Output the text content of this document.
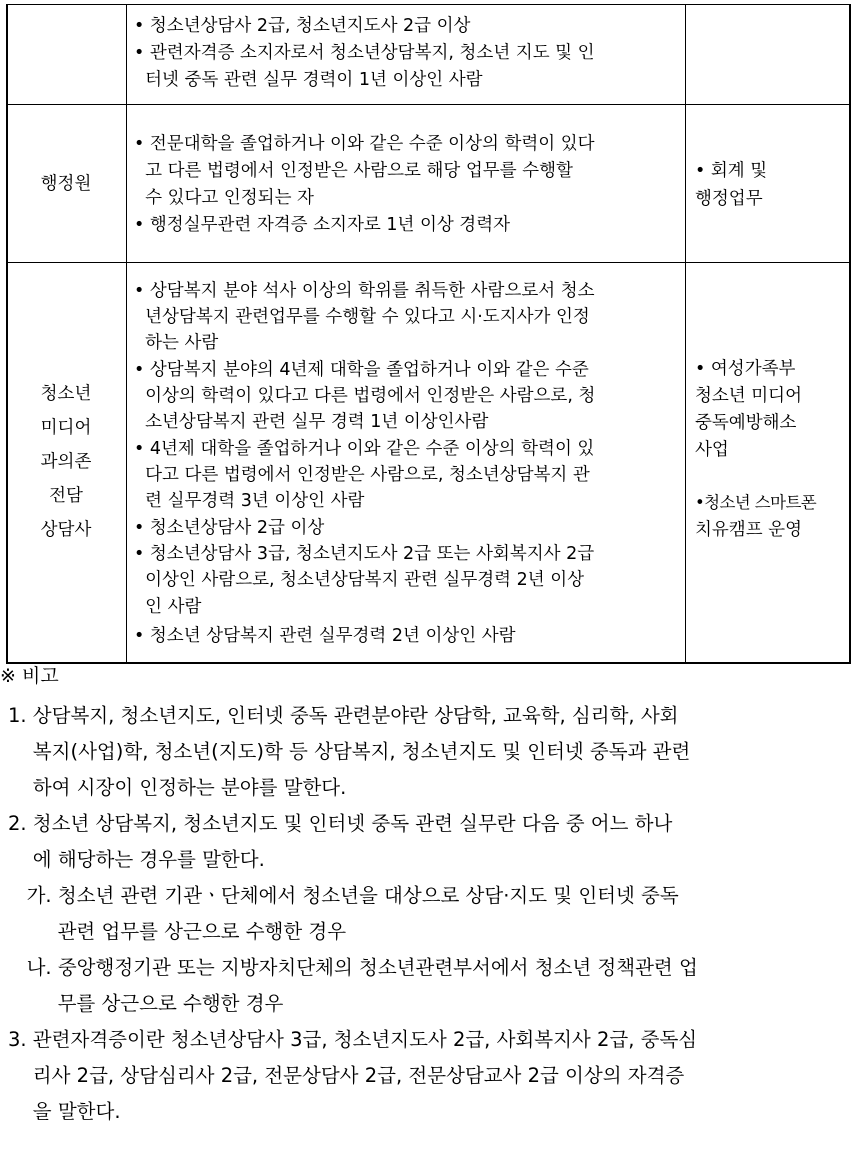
• 청소년상담사 2급, 청소년지도사 2급 이상
• 관련자격증 소지자로서 청소년상담복지, 청소년 지도 및 인
터넷 중독 관련 실무 경력이 1년 이상인 사람
행정원
• 전문대학을 졸업하거나 이와 같은 수준 이상의 학력이 있다
고 다른 법령에서 인정받은 사람으로 해당 업무를 수행할
수 있다고 인정되는 자
• 행정실무관련 자격증 소지자로 1년 이상 경력자
• 회계 및
행정업무
청소년
미디어
과의존
전담
상담사
• 상담복지 분야 석사 이상의 학위를 취득한 사람으로서 청소
년상담복지 관련업무를 수행할 수 있다고 시·도지사가 인정
하는 사람
• 상담복지 분야의 4년제 대학을 졸업하거나 이와 같은 수준
이상의 학력이 있다고 다른 법령에서 인정받은 사람으로, 청
소년상담복지 관련 실무 경력 1년 이상인사람
• 4년제 대학을 졸업하거나 이와 같은 수준 이상의 학력이 있
다고 다른 법령에서 인정받은 사람으로, 청소년상담복지 관
련 실무경력 3년 이상인 사람
• 청소년상담사 2급 이상
• 청소년상담사 3급, 청소년지도사 2급 또는 사회복지사 2급
이상인 사람으로, 청소년상담복지 관련 실무경력 2년 이상
인 사람
• 청소년 상담복지 관련 실무경력 2년 이상인 사람
• 여성가족부
청소년 미디어
중독예방해소
사업
•청소년 스마트폰
치유캠프 운영
※ 비고
1. 상담복지, 청소년지도, 인터넷 중독 관련분야란 상담학, 교육학, 심리학, 사회
복지(사업)학, 청소년(지도)학 등 상담복지, 청소년지도 및 인터넷 중독과 관련
하여 시장이 인정하는 분야를 말한다.
2. 청소년 상담복지, 청소년지도 및 인터넷 중독 관련 실무란 다음 중 어느 하나
에 해당하는 경우를 말한다.
가. 청소년 관련 기관ㆍ단체에서 청소년을 대상으로 상담·지도 및 인터넷 중독
관련 업무를 상근으로 수행한 경우
나. 중앙행정기관 또는 지방자치단체의 청소년관련부서에서 청소년 정책관련 업
무를 상근으로 수행한 경우
3. 관련자격증이란 청소년상담사 3급, 청소년지도사 2급, 사회복지사 2급, 중독심
리사 2급, 상담심리사 2급, 전문상담사 2급, 전문상담교사 2급 이상의 자격증
을 말한다.
